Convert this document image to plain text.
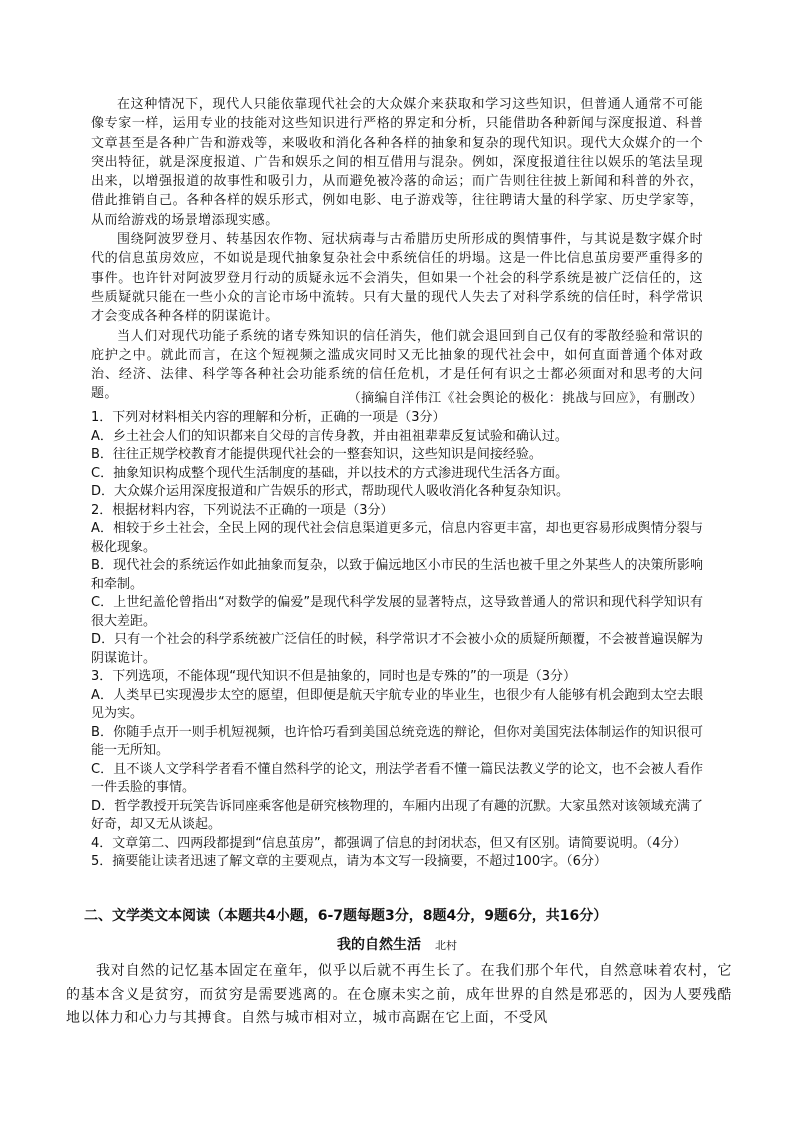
在这种情况下，现代人只能依靠现代社会的大众媒介来获取和学习这些知识，但普通人通常不可能像专家一样，运用专业的技能对这些知识进行严格的界定和分析，只能借助各种新闻与深度报道、科普文章甚至是各种广告和游戏等，来吸收和消化各种各样的抽象和复杂的现代知识。现代大众媒介的一个突出特征，就是深度报道、广告和娱乐之间的相互借用与混杂。例如，深度报道往往以娱乐的笔法呈现出来，以增强报道的故事性和吸引力，从而避免被冷落的命运；而广告则往往披上新闻和科普的外衣，借此推销自己。各种各样的娱乐形式，例如电影、电子游戏等，往往聘请大量的科学家、历史学家等，从而给游戏的场景增添现实感。

围绕阿波罗登月、转基因农作物、冠状病毒与古希腊历史所形成的舆情事件，与其说是数字媒介时代的信息茧房效应，不如说是现代抽象复杂社会中系统信任的坍塌。这是一件比信息茧房要严重得多的事件。也许针对阿波罗登月行动的质疑永远不会消失，但如果一个社会的科学系统是被广泛信任的，这些质疑就只能在一些小众的言论市场中流转。只有大量的现代人失去了对科学系统的信任时，科学常识才会变成各种各样的阴谋诡计。

当人们对现代功能子系统的诸专殊知识的信任消失，他们就会退回到自己仅有的零散经验和常识的庇护之中。就此而言，在这个短视频之滥成灾同时又无比抽象的现代社会中，如何直面普通个体对政治、经济、法律、科学等各种社会功能系统的信任危机，才是任何有识之士都必须面对和思考的大问题。	（摘编自洋伟江《社会舆论的极化：挑战与回应》，有删改）

1．下列对材料相关内容的理解和分析，正确的一项是（3分）

A．乡土社会人们的知识都来自父母的言传身教，并由祖祖辈辈反复试验和确认过。

B．往往正规学校教育才能提供现代社会的一整套知识，这些知识是间接经验。

C．抽象知识构成整个现代生活制度的基础，并以技术的方式渗进现代生活各方面。

D．大众媒介运用深度报道和广告娱乐的形式，帮助现代人吸收消化各种复杂知识。

2．根据材料内容，下列说法不正确的一项是（3分）

A．相较于乡土社会，全民上网的现代社会信息渠道更多元，信息内容更丰富，却也更容易形成舆情分裂与极化现象。

B．现代社会的系统运作如此抽象而复杂，以致于偏远地区小市民的生活也被千里之外某些人的决策所影响和牵制。

C．上世纪盖伦曾指出“对数学的偏爱”是现代科学发展的显著特点，这导致普通人的常识和现代科学知识有很大差距。

D．只有一个社会的科学系统被广泛信任的时候，科学常识才不会被小众的质疑所颠覆，不会被普遍误解为阴谋诡计。

3．下列选项，不能体现“现代知识不但是抽象的，同时也是专殊的”的一项是（3分）

A．人类早已实现漫步太空的愿望，但即便是航天宇航专业的毕业生，也很少有人能够有机会跑到太空去眼见为实。

B．你随手点开一则手机短视频，也许恰巧看到美国总统竞选的辩论，但你对美国宪法体制运作的知识很可能一无所知。

C．且不谈人文学科学者看不懂自然科学的论文，刑法学者看不懂一篇民法教义学的论文，也不会被人看作一件丢脸的事情。

D．哲学教授开玩笑告诉同座乘客他是研究核物理的，车厢内出现了有趣的沉默。大家虽然对该领域充满了好奇，却又无从谈起。

4．文章第二、四两段都提到“信息茧房”，都强调了信息的封闭状态，但又有区别。请简要说明。（4分）

5．摘要能让读者迅速了解文章的主要观点，请为本文写一段摘要，不超过100字。（6分）

二、文学类文本阅读（本题共4小题，6-7题每题3分，8题4分，9题6分，共16分）
我的自然生活 北村

我对自然的记忆基本固定在童年，似乎以后就不再生长了。在我们那个年代，自然意味着农村，它的基本含义是贫穷，而贫穷是需要逃离的。在仓廪未实之前，成年世界的自然是邪恶的，因为人要残酷地以体力和心力与其搏食。自然与城市相对立，城市高踞在它上面，不受风
